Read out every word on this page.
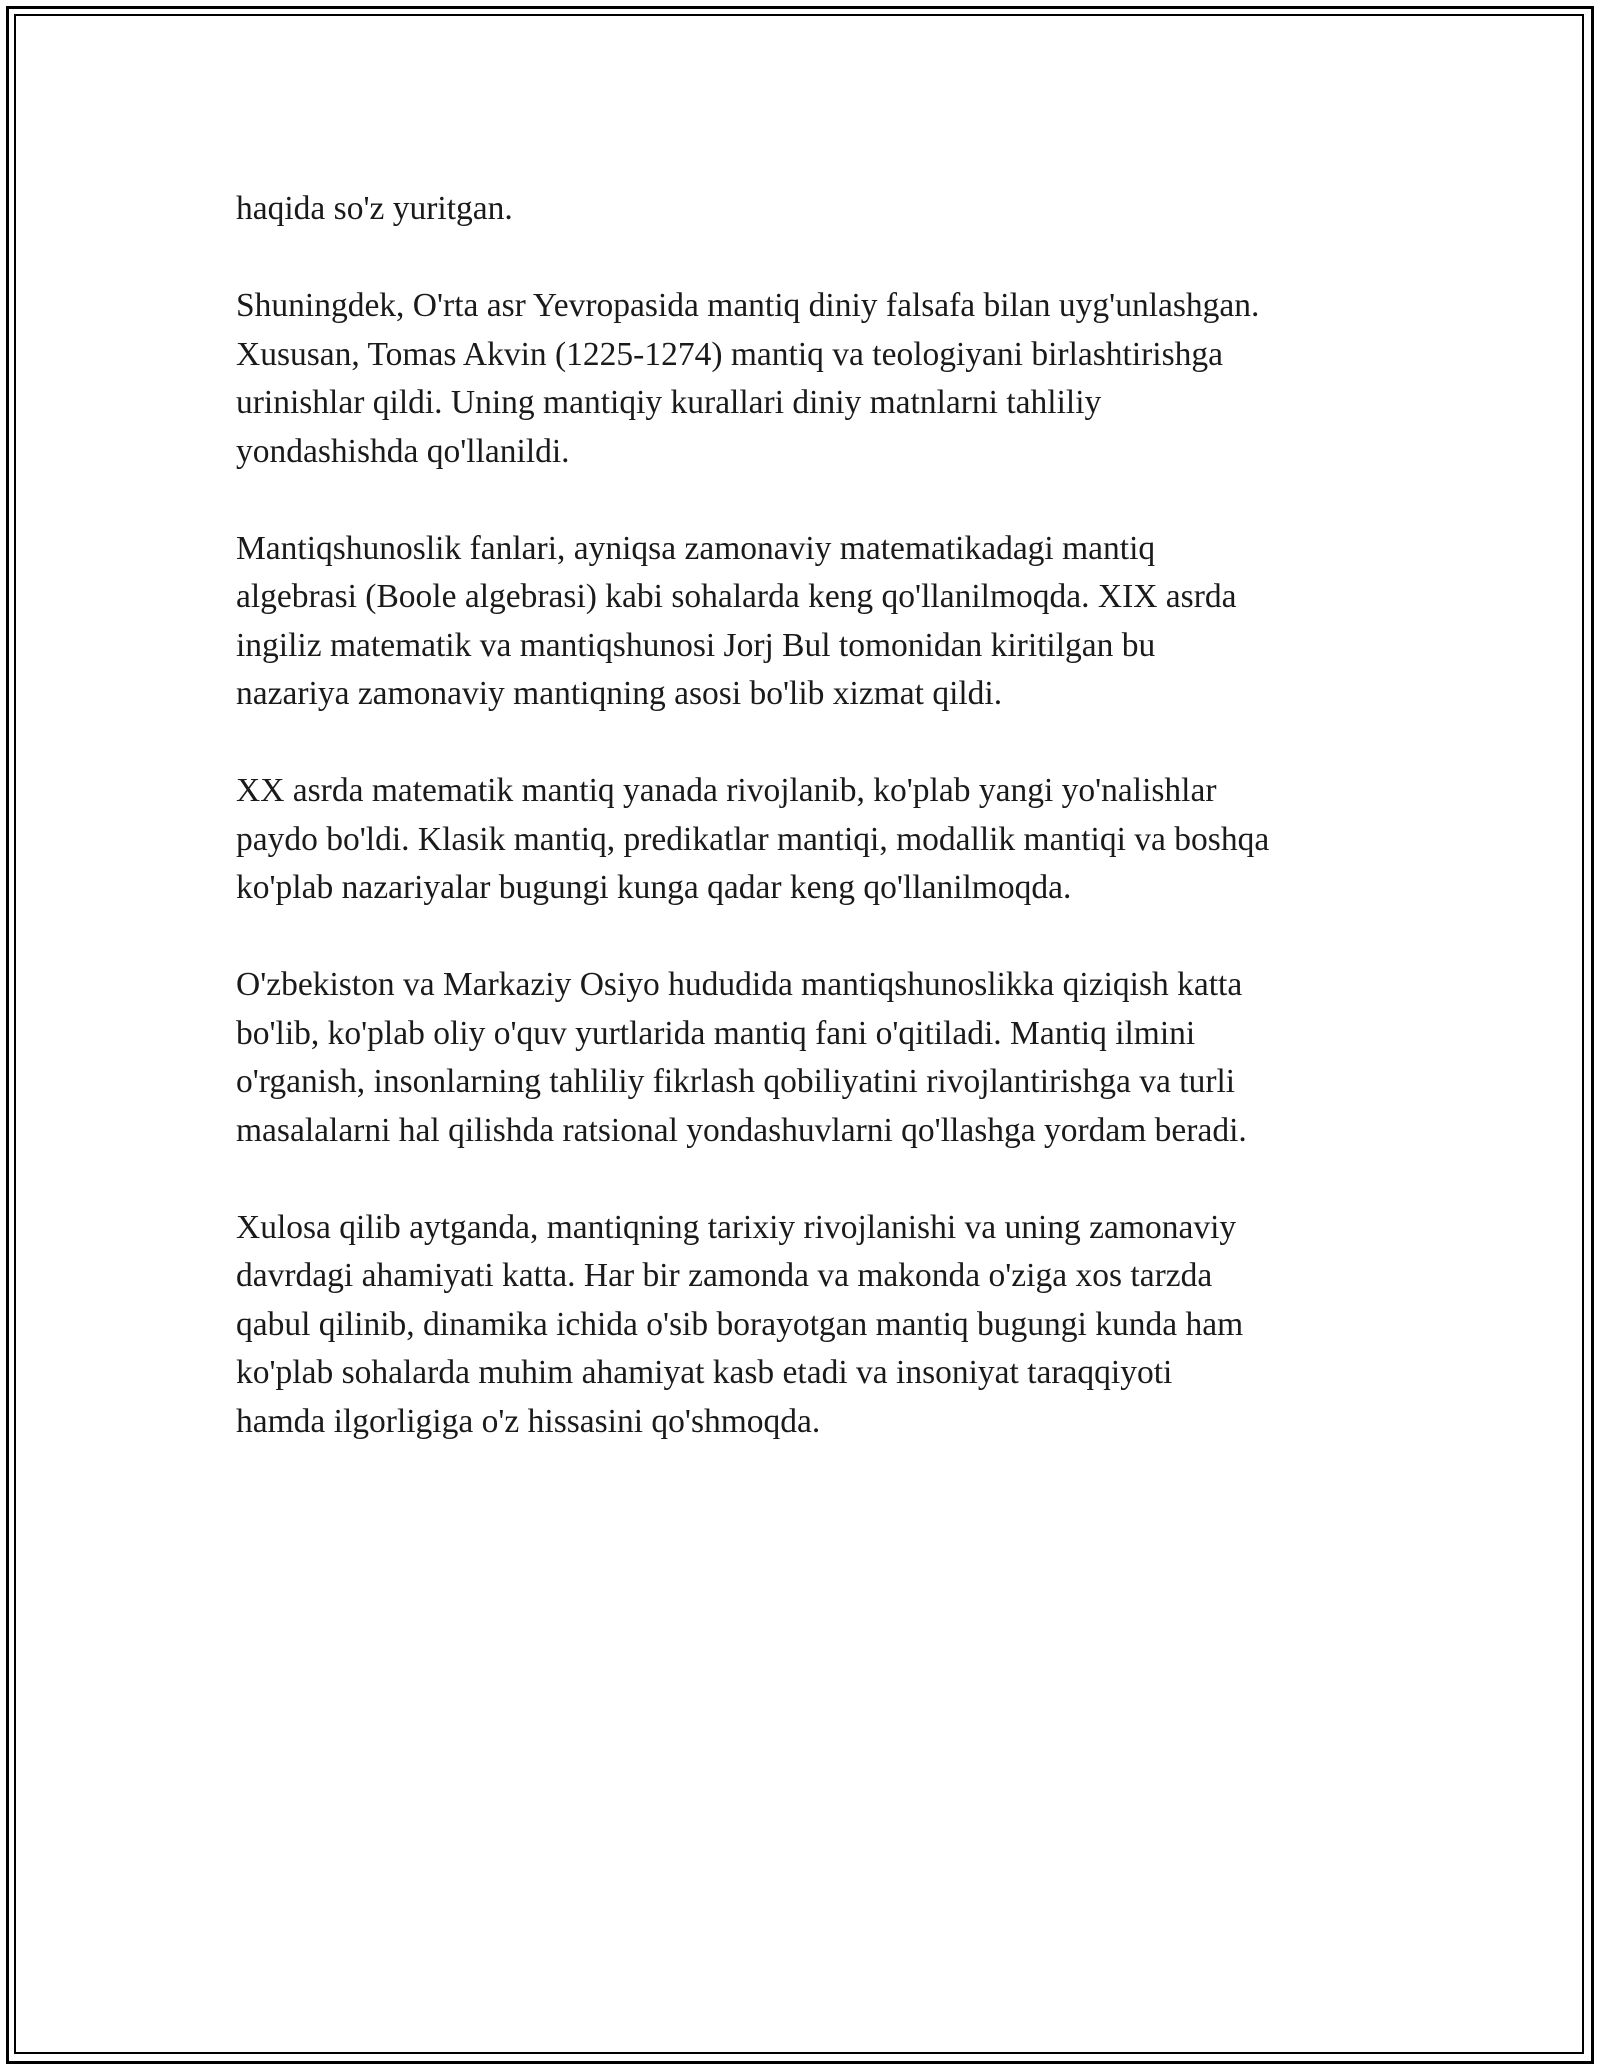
haqida so'z yuritgan.

Shuningdek, O'rta asr Yevropasida mantiq diniy falsafa bilan uyg'unlashgan.
Xususan, Tomas Akvin (1225-1274) mantiq va teologiyani birlashtirishga
urinishlar qildi. Uning mantiqiy kurallari diniy matnlarni tahliliy
yondashishda qo'llanildi.

Mantiqshunoslik fanlari, ayniqsa zamonaviy matematikadagi mantiq
algebrasi (Boole algebrasi) kabi sohalarda keng qo'llanilmoqda. XIX asrda
ingiliz matematik va mantiqshunosi Jorj Bul tomonidan kiritilgan bu
nazariya zamonaviy mantiqning asosi bo'lib xizmat qildi.

XX asrda matematik mantiq yanada rivojlanib, ko'plab yangi yo'nalishlar
paydo bo'ldi. Klasik mantiq, predikatlar mantiqi, modallik mantiqi va boshqa
ko'plab nazariyalar bugungi kunga qadar keng qo'llanilmoqda.

O'zbekiston va Markaziy Osiyo hududida mantiqshunoslikka qiziqish katta
bo'lib, ko'plab oliy o'quv yurtlarida mantiq fani o'qitiladi. Mantiq ilmini
o'rganish, insonlarning tahliliy fikrlash qobiliyatini rivojlantirishga va turli
masalalarni hal qilishda ratsional yondashuvlarni qo'llashga yordam beradi.

Xulosa qilib aytganda, mantiqning tarixiy rivojlanishi va uning zamonaviy
davrdagi ahamiyati katta. Har bir zamonda va makonda o'ziga xos tarzda
qabul qilinib, dinamika ichida o'sib borayotgan mantiq bugungi kunda ham
ko'plab sohalarda muhim ahamiyat kasb etadi va insoniyat taraqqiyoti
hamda ilgorligiga o'z hissasini qo'shmoqda.
